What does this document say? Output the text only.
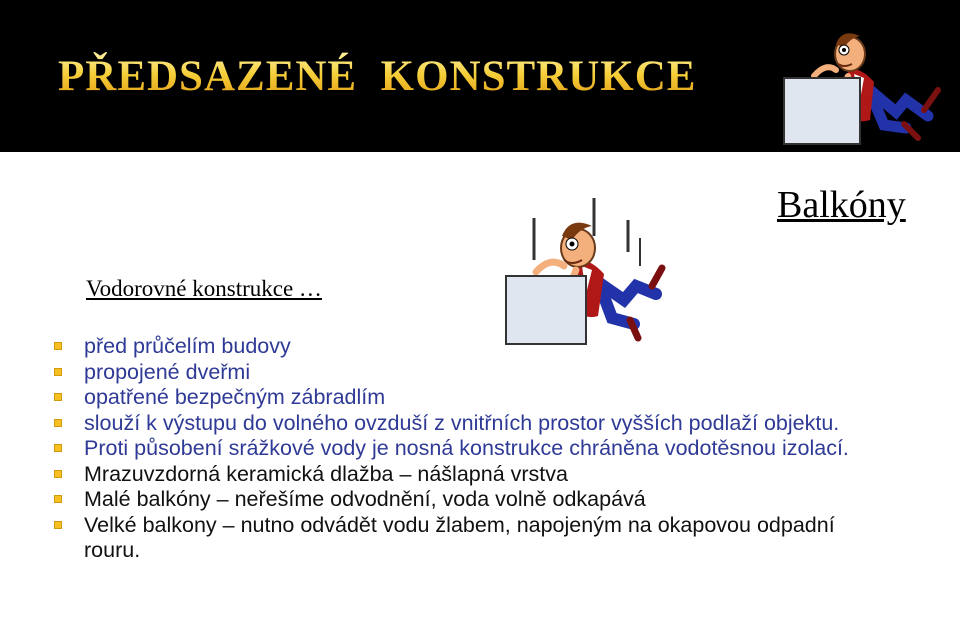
PŘEDSAZENÉ  KONSTRUKCE
Balkóny
Vodorovné konstrukce …
před průčelím budovy
propojené dveřmi
opatřené bezpečným zábradlím
slouží k výstupu do volného ovzduší z vnitřních prostor vyšších podlaží objektu.
Proti působení srážkové vody je nosná konstrukce chráněna vodotěsnou izolací.
Mrazuvzdorná keramická dlažba – nášlapná vrstva
Malé balkóny – neřešíme odvodnění, voda volně odkapává
Velké balkony – nutno odvádět vodu žlabem, napojeným na okapovou odpadní rouru.
